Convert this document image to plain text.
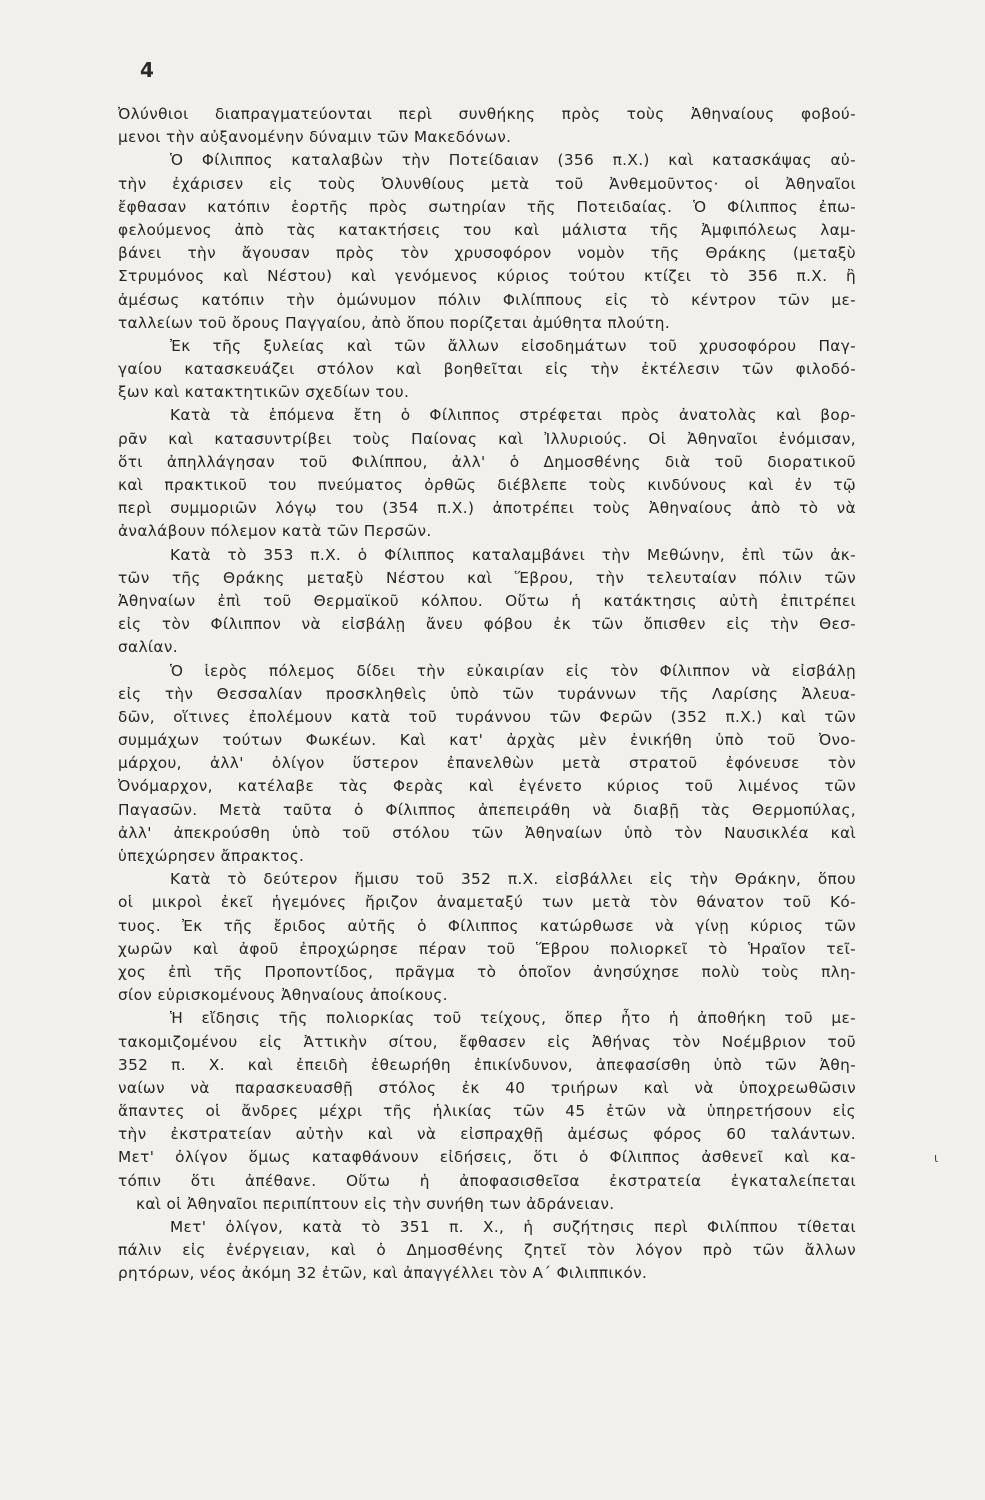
4
Ὀλύνθιοι διαπραγματεύονται περὶ συνθήκης πρὸς τοὺς Ἀθηναίους φοβού-
μενοι τὴν αὐξανομένην δύναμιν τῶν Μακεδόνων.
Ὁ Φίλιππος καταλαβὼν τὴν Ποτείδαιαν (356 π.Χ.) καὶ κατασκάψας αὐ-
τὴν ἐχάρισεν εἰς τοὺς Ὀλυνθίους μετὰ τοῦ Ἀνθεμοῦντος· οἱ Ἀθηναῖοι
ἔφθασαν κατόπιν ἑορτῆς πρὸς σωτηρίαν τῆς Ποτειδαίας. Ὁ Φίλιππος ἐπω-
φελούμενος ἀπὸ τὰς κατακτήσεις του καὶ μάλιστα τῆς Ἀμφιπόλεως λαμ-
βάνει τὴν ἄγουσαν πρὸς τὸν χρυσοφόρον νομὸν τῆς Θράκης (μεταξὺ
Στρυμόνος καὶ Νέστου) καὶ γενόμενος κύριος τούτου κτίζει τὸ 356 π.Χ. ἢ
ἀμέσως κατόπιν τὴν ὁμώνυμον πόλιν Φιλίππους εἰς τὸ κέντρον τῶν με-
ταλλείων τοῦ ὄρους Παγγαίου, ἀπὸ ὅπου πορίζεται ἀμύθητα πλούτη.
Ἐκ τῆς ξυλείας καὶ τῶν ἄλλων εἰσοδημάτων τοῦ χρυσοφόρου Παγ-
γαίου κατασκευάζει στόλον καὶ βοηθεῖται εἰς τὴν ἐκτέλεσιν τῶν φιλοδό-
ξων καὶ κατακτητικῶν σχεδίων του.
Κατὰ τὰ ἑπόμενα ἔτη ὁ Φίλιππος στρέφεται πρὸς ἀνατολὰς καὶ βορ-
ρᾶν καὶ κατασυντρίβει τοὺς Παίονας καὶ Ἰλλυριούς. Οἱ Ἀθηναῖοι ἐνόμισαν,
ὅτι ἀπηλλάγησαν τοῦ Φιλίππου, ἀλλ' ὁ Δημοσθένης διὰ τοῦ διορατικοῦ
καὶ πρακτικοῦ του πνεύματος ὀρθῶς διέβλεπε τοὺς κινδύνους καὶ ἐν τῷ
περὶ συμμοριῶν λόγῳ του (354 π.Χ.) ἀποτρέπει τοὺς Ἀθηναίους ἀπὸ τὸ νὰ
ἀναλάβουν πόλεμον κατὰ τῶν Περσῶν.
Κατὰ τὸ 353 π.Χ. ὁ Φίλιππος καταλαμβάνει τὴν Μεθώνην, ἐπὶ τῶν ἀκ-
τῶν τῆς Θράκης μεταξὺ Νέστου καὶ Ἕβρου, τὴν τελευταίαν πόλιν τῶν
Ἀθηναίων ἐπὶ τοῦ Θερμαϊκοῦ κόλπου. Οὕτω ἡ κατάκτησις αὐτὴ ἐπιτρέπει
εἰς τὸν Φίλιππον νὰ εἰσβάλῃ ἄνευ φόβου ἐκ τῶν ὄπισθεν εἰς τὴν Θεσ-
σαλίαν.
Ὁ ἱερὸς πόλεμος δίδει τὴν εὐκαιρίαν εἰς τὸν Φίλιππον νὰ εἰσβάλῃ
εἰς τὴν Θεσσαλίαν προσκληθεὶς ὑπὸ τῶν τυράννων τῆς Λαρίσης Ἀλευα-
δῶν, οἵτινες ἐπολέμουν κατὰ τοῦ τυράννου τῶν Φερῶν (352 π.Χ.) καὶ τῶν
συμμάχων τούτων Φωκέων. Καὶ κατ' ἀρχὰς μὲν ἐνικήθη ὑπὸ τοῦ Ὀνο-
μάρχου, ἀλλ' ὀλίγον ὕστερον ἐπανελθὼν μετὰ στρατοῦ ἐφόνευσε τὸν
Ὀνόμαρχον, κατέλαβε τὰς Φερὰς καὶ ἐγένετο κύριος τοῦ λιμένος τῶν
Παγασῶν. Μετὰ ταῦτα ὁ Φίλιππος ἀπεπειράθη νὰ διαβῇ τὰς Θερμοπύλας,
ἀλλ' ἀπεκρούσθη ὑπὸ τοῦ στόλου τῶν Ἀθηναίων ὑπὸ τὸν Ναυσικλέα καὶ
ὑπεχώρησεν ἄπρακτος.
Κατὰ τὸ δεύτερον ἥμισυ τοῦ 352 π.Χ. εἰσβάλλει εἰς τὴν Θράκην, ὅπου
οἱ μικροὶ ἐκεῖ ἡγεμόνες ἤριζον ἀναμεταξύ των μετὰ τὸν θάνατον τοῦ Κό-
τυος. Ἐκ τῆς ἔριδος αὐτῆς ὁ Φίλιππος κατώρθωσε νὰ γίνῃ κύριος τῶν
χωρῶν καὶ ἀφοῦ ἐπροχώρησε πέραν τοῦ Ἕβρου πολιορκεῖ τὸ Ἡραῖον τεῖ-
χος ἐπὶ τῆς Προποντίδος, πρᾶγμα τὸ ὁποῖον ἀνησύχησε πολὺ τοὺς πλη-
σίον εὑρισκομένους Ἀθηναίους ἀποίκους.
Ἡ εἴδησις τῆς πολιορκίας τοῦ τείχους, ὅπερ ἦτο ἡ ἀποθήκη τοῦ με-
τακομιζομένου εἰς Ἀττικὴν σίτου, ἔφθασεν εἰς Ἀθήνας τὸν Νοέμβριον τοῦ
352 π. Χ. καὶ ἐπειδὴ ἐθεωρήθη ἐπικίνδυνον, ἀπεφασίσθη ὑπὸ τῶν Ἀθη-
ναίων νὰ παρασκευασθῇ στόλος ἐκ 40 τριήρων καὶ νὰ ὑποχρεωθῶσιν
ἅπαντες οἱ ἄνδρες μέχρι τῆς ἡλικίας τῶν 45 ἐτῶν νὰ ὑπηρετήσουν εἰς
τὴν ἐκστρατείαν αὐτὴν καὶ νὰ εἰσπραχθῇ ἀμέσως φόρος 60 ταλάντων.
Μετ' ὀλίγον ὅμως καταφθάνουν εἰδήσεις, ὅτι ὁ Φίλιππος ἀσθενεῖ καὶ κα-
τόπιν ὅτι ἀπέθανε. Οὕτω ἡ ἀποφασισθεῖσα ἐκστρατεία ἐγκαταλείπεται
καὶ οἱ Ἀθηναῖοι περιπίπτουν εἰς τὴν συνήθη των ἀδράνειαν.
Μετ' ὀλίγον, κατὰ τὸ 351 π. Χ., ἡ συζήτησις περὶ Φιλίππου τίθεται
πάλιν εἰς ἐνέργειαν, καὶ ὁ Δημοσθένης ζητεῖ τὸν λόγον πρὸ τῶν ἄλλων
ρητόρων, νέος ἀκόμη 32 ἐτῶν, καὶ ἀπαγγέλλει τὸν Α΄ Φιλιππικόν.
ι
